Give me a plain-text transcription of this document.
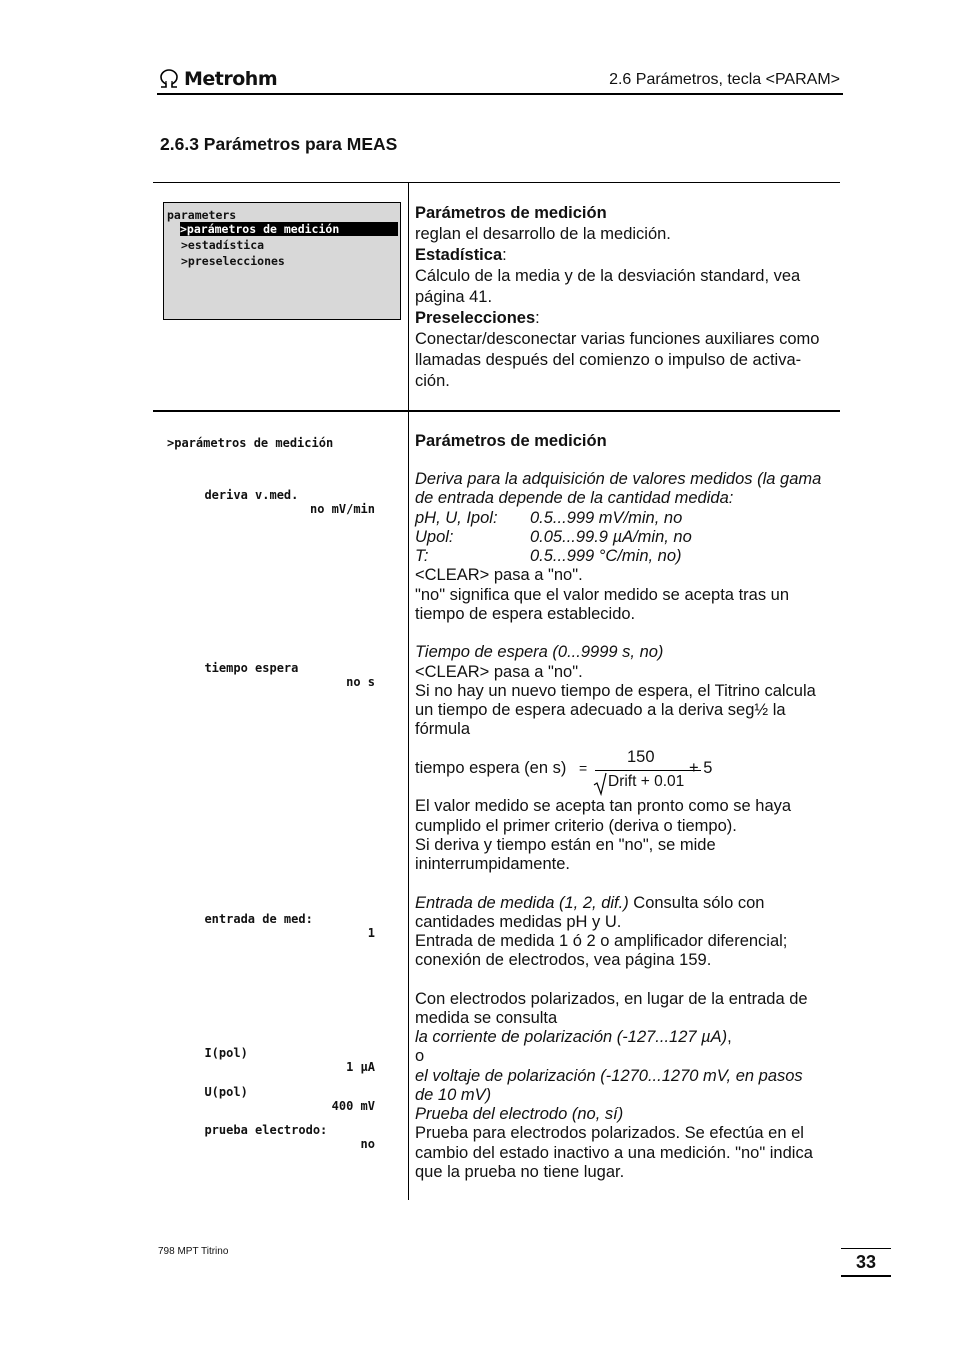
Metrohm	2.6 Parámetros, tecla <PARAM>
2.6.3 Parámetros para MEAS
parameters
>parámetros de medición
>estadística
>preselecciones
Parámetros de medición
reglan el desarrollo de la medición.
Estadística:
Cálculo de la media y de la desviación standard, vea
página 41.
Preselecciones:
Conectar/desconectar varias funciones auxiliares como
llamadas después del comienzo o impulso de activa-
ción.
>parámetros de medición

deriva v.med.

no mV/min

tiempo espera

no s

entrada de med:

1

I(pol)

1 µA

U(pol)

400 mV

prueba electrodo:

no

Parámetros de medición
Deriva para la adquisición de valores medidos (la gama
de entrada depende de la cantidad medida:
pH, U, Ipol: 0.5...999 mV/min, no
Upol:	0.05...99.9 µA/min, no
T:	0.5...999 °C/min, no)
<CLEAR> pasa a "no".
"no" significa que el valor medido se acepta tras un
tiempo de espera establecido.
Tiempo de espera (0...9999 s, no)
<CLEAR> pasa a "no".
Si no hay un nuevo tiempo de espera, el Titrino calcula
un tiempo de espera adecuado a la deriva seg½ la
fórmula
tiempo espera (en s) =
150
Drift + 0.01
+ 5
El valor medido se acepta tan pronto como se haya
cumplido el primer criterio (deriva o tiempo).
Si deriva y tiempo están en "no", se mide
ininterrumpidamente.
Entrada de medida (1, 2, dif.) Consulta sólo con
cantidades medidas pH y U.
Entrada de medida 1 ó 2 o amplificador diferencial;
conexión de electrodos, vea página 159.
Con electrodos polarizados, en lugar de la entrada de
medida se consulta
la corriente de polarización (-127...127 µA),
o
el voltaje de polarización (-1270...1270 mV, en pasos
de 10 mV)
Prueba del electrodo (no, sí)
Prueba para electrodos polarizados. Se efectúa en el
cambio del estado inactivo a una medición. "no" indica
que la prueba no tiene lugar.
798 MPT Titrino
33
